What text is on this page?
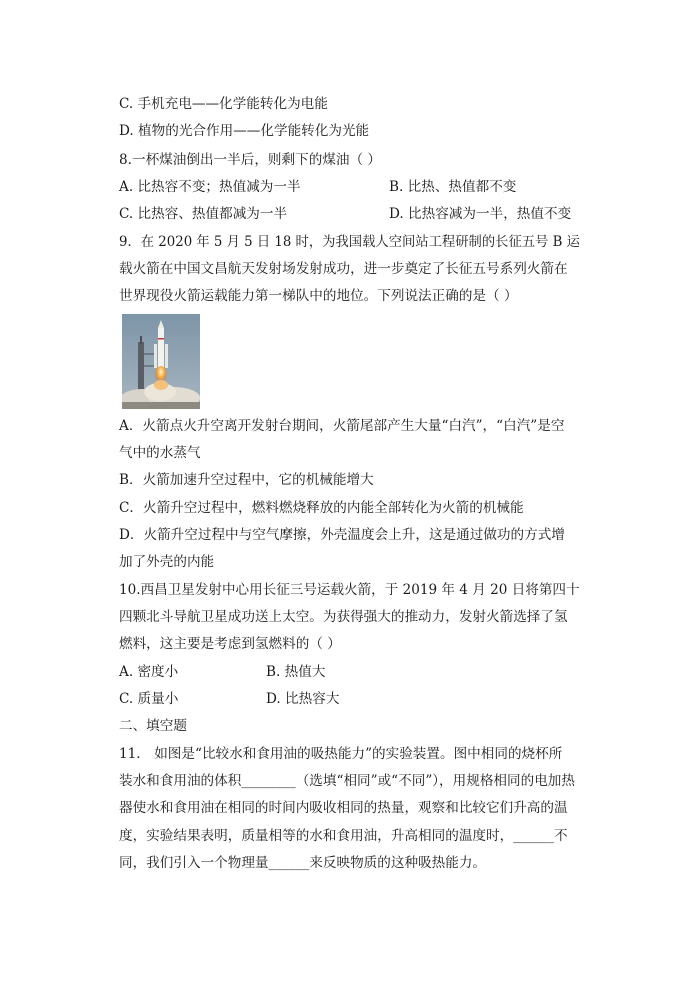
C. 手机充电——化学能转化为电能
D. 植物的光合作用——化学能转化为光能
8.一杯煤油倒出一半后，则剩下的煤油（ ）
A. 比热容不变；热值减为一半	B. 比热、热值都不变
C. 比热容、热值都减为一半	D. 比热容减为一半，热值不变
9．在 2020 年 5 月 5 日 18 时，为我国载人空间站工程研制的长征五号 B 运
载火箭在中国文昌航天发射场发射成功，进一步奠定了长征五号系列火箭在
世界现役火箭运载能力第一梯队中的地位。下列说法正确的是（ ）
A．火箭点火升空离开发射台期间，火箭尾部产生大量“白汽”，“白汽”是空
气中的水蒸气
B．火箭加速升空过程中，它的机械能增大
C．火箭升空过程中，燃料燃烧释放的内能全部转化为火箭的机械能
D．火箭升空过程中与空气摩擦，外壳温度会上升，这是通过做功的方式增
加了外壳的内能
10.西昌卫星发射中心用长征三号运载火箭，于 2019 年 4 月 20 日将第四十
四颗北斗导航卫星成功送上太空。为获得强大的推动力，发射火箭选择了氢
燃料，这主要是考虑到氢燃料的（ ）
A. 密度小	B. 热值大
C. 质量小	D. 比热容大
二、填空题
11． 如图是“比较水和食用油的吸热能力”的实验装置。图中相同的烧杯所
装水和食用油的体积________（选填“相同”或“不同”），用规格相同的电加热
器使水和食用油在相同的时间内吸收相同的热量，观察和比较它们升高的温
度，实验结果表明，质量相等的水和食用油，升高相同的温度时，______不
同，我们引入一个物理量______来反映物质的这种吸热能力。
